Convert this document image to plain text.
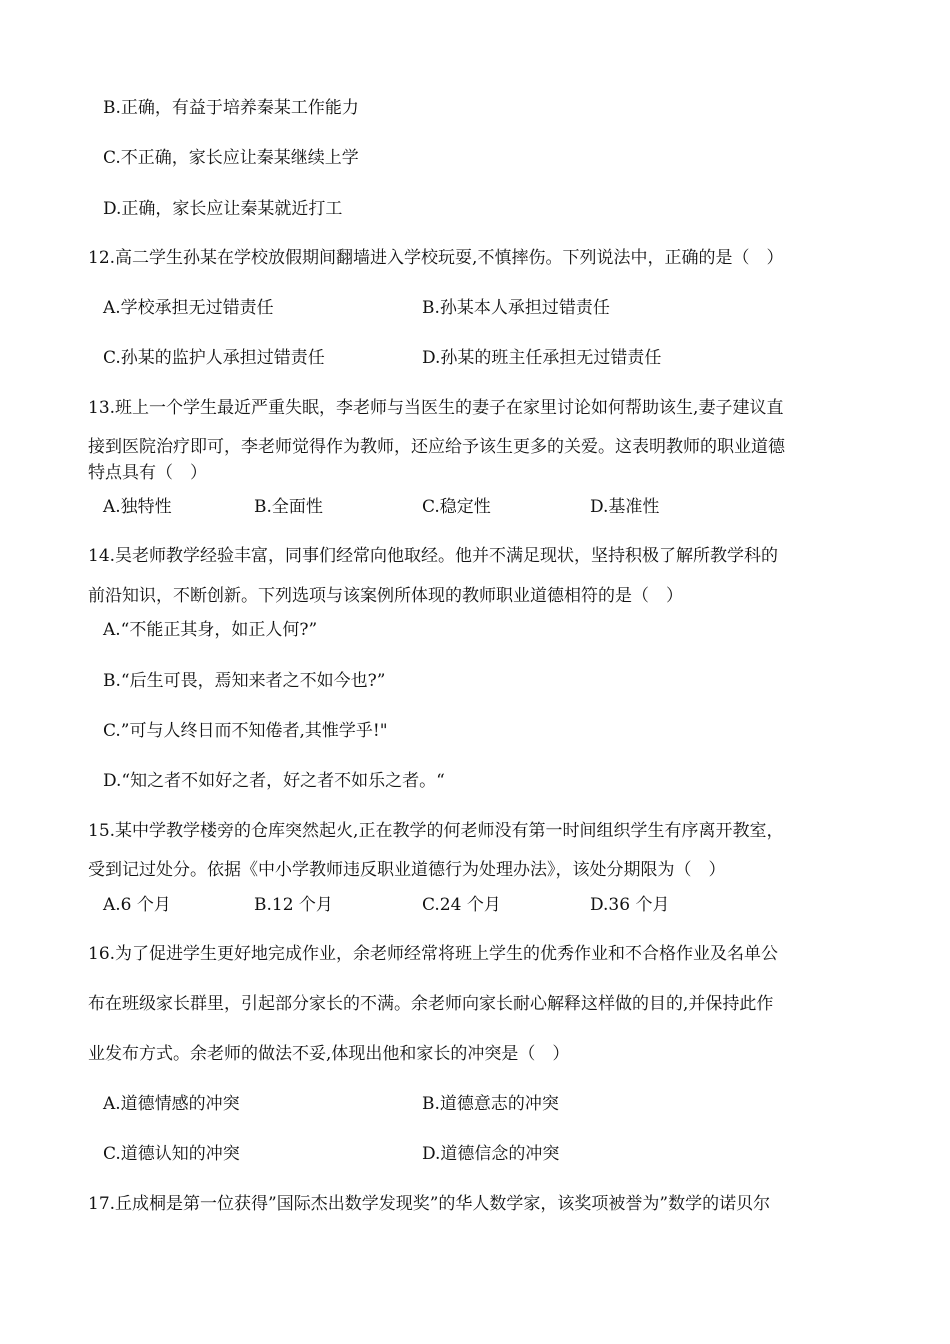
B.正确，有益于培养秦某工作能力
C.不正确，家长应让秦某继续上学
D.正确，家长应让秦某就近打工
12.高二学生孙某在学校放假期间翻墙进入学校玩耍,不慎摔伤。下列说法中，正确的是（　）
A.学校承担无过错责任	B.孙某本人承担过错责任
C.孙某的监护人承担过错责任	D.孙某的班主任承担无过错责任
13.班上一个学生最近严重失眠，李老师与当医生的妻子在家里讨论如何帮助该生,妻子建议直
接到医院治疗即可，李老师觉得作为教师，还应给予该生更多的关爱。这表明教师的职业道德
特点具有（　）
A.独特性	B.全面性	C.稳定性	D.基准性
14.吴老师教学经验丰富，同事们经常向他取经。他并不满足现状，坚持积极了解所教学科的
前沿知识，不断创新。下列选项与该案例所体现的教师职业道德相符的是（　）
A.“不能正其身，如正人何?”
B.“后生可畏，焉知来者之不如今也?”
C.”可与人终日而不知倦者,其惟学乎!"
D.“知之者不如好之者，好之者不如乐之者。“
15.某中学教学楼旁的仓库突然起火,正在教学的何老师没有第一时间组织学生有序离开教室，
受到记过处分。依据《中小学教师违反职业道德行为处理办法》，该处分期限为（　）
A.6 个月	B.12 个月	C.24 个月	D.36 个月
16.为了促进学生更好地完成作业，余老师经常将班上学生的优秀作业和不合格作业及名单公
布在班级家长群里，引起部分家长的不满。余老师向家长耐心解释这样做的目的,并保持此作
业发布方式。余老师的做法不妥,体现出他和家长的冲突是（　）
A.道德情感的冲突	B.道德意志的冲突
C.道德认知的冲突	D.道德信念的冲突
17.丘成桐是第一位获得”国际杰出数学发现奖”的华人数学家，该奖项被誉为”数学的诺贝尔
